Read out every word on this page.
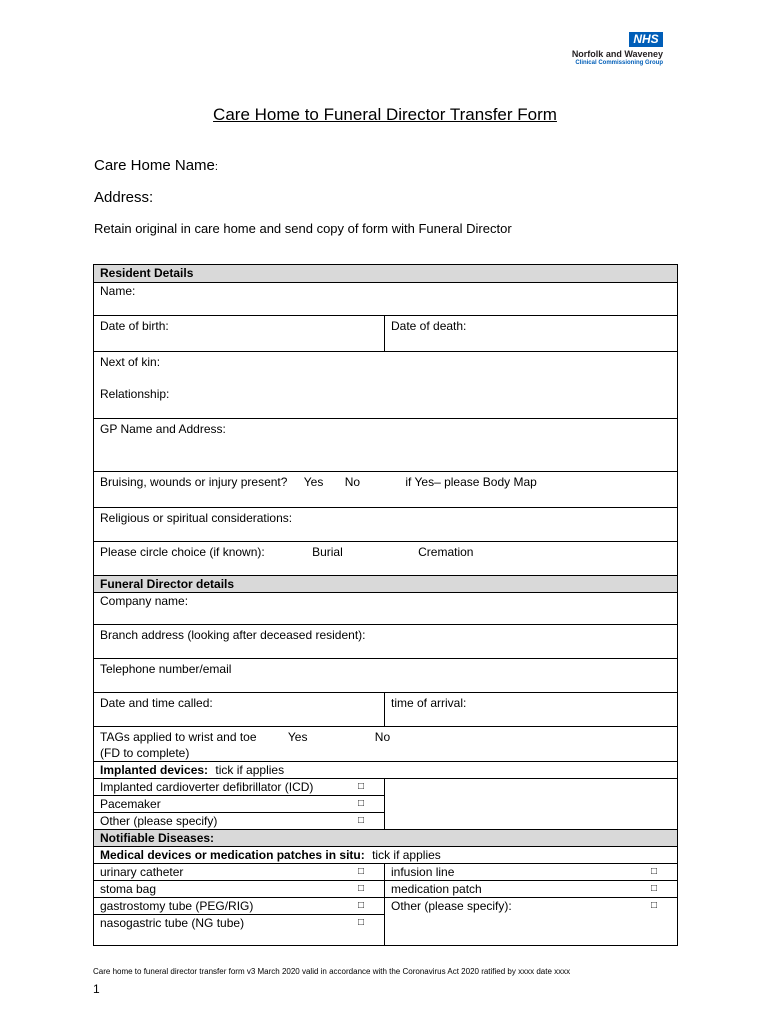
NHS
Norfolk and Waveney
Clinical Commissioning Group
Care Home to Funeral Director Transfer Form
Care Home Name:
Address:
Retain original in care home and send copy of form with Funeral Director
Resident Details	
Name:	
Date of birth:	Date of death:

Next of kin:
Relationship:	

GP Name and Address:	
Bruising, wounds or injury present? Yes No if Yes– please Body Map	
Religious or spiritual considerations:	
Please circle choice (if known): Burial Cremation	
Funeral Director details	
Company name:	
Branch address (looking after deceased resident):	
Telephone number/email	
Date and time called:	time of arrival:

TAGs applied to wrist and toe Yes No
(FD to complete)	

Implanted devices: tick if applies	
Implanted cardioverter defibrillator (ICD) □	

Pacemaker □	

Other (please specify) □	

Notifiable Diseases:	
Medical devices or medication patches in situ: tick if applies	
urinary catheter □	infusion line □

stoma bag □	medication patch □

gastrostomy tube (PEG/RIG) □	Other (please specify): □

nasogastric tube (NG tube) □	

Care home to funeral director transfer form v3 March 2020 valid in accordance with the Coronavirus Act 2020 ratified by xxxx date xxxx
1
